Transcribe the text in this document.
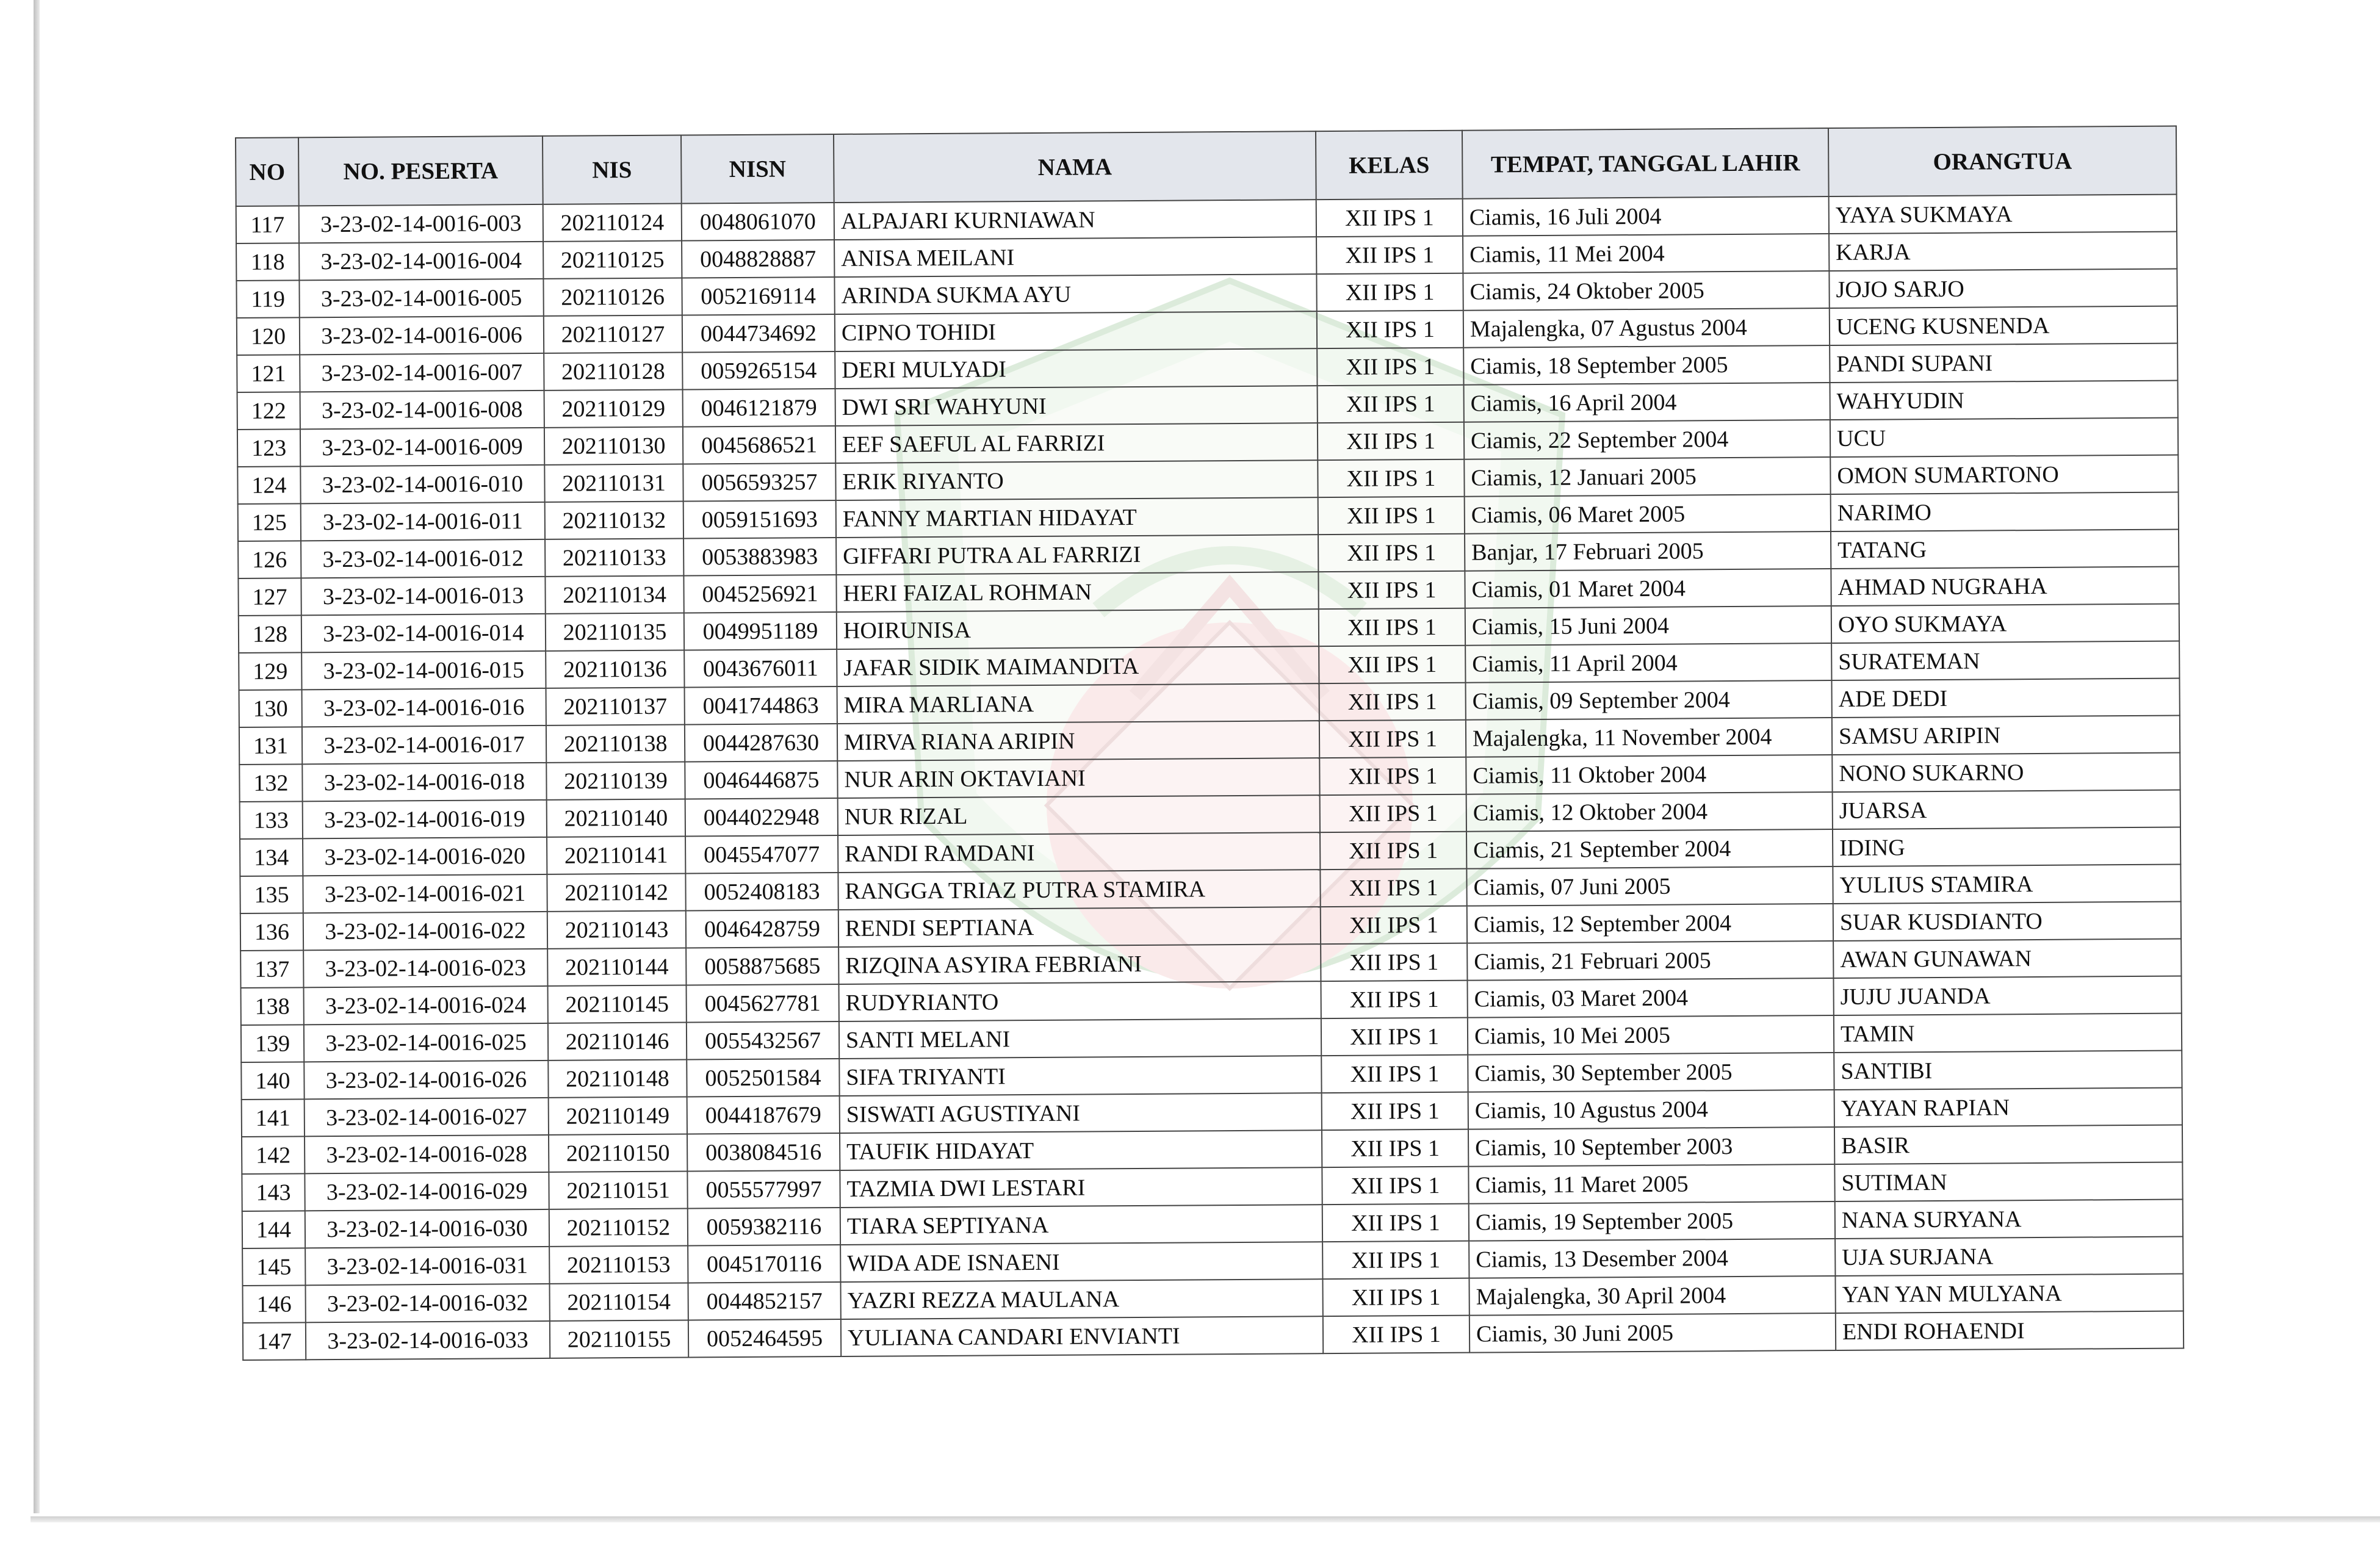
NO	NO. PESERTA	NIS	NISN	NAMA	KELAS	TEMPAT, TANGGAL LAHIR	ORANGTUA
117	3-23-02-14-0016-003	202110124	0048061070	ALPAJARI KURNIAWAN	XII IPS 1	Ciamis, 16 Juli 2004	YAYA SUKMAYA
118	3-23-02-14-0016-004	202110125	0048828887	ANISA MEILANI	XII IPS 1	Ciamis, 11 Mei 2004	KARJA
119	3-23-02-14-0016-005	202110126	0052169114	ARINDA SUKMA AYU	XII IPS 1	Ciamis, 24 Oktober 2005	JOJO SARJO
120	3-23-02-14-0016-006	202110127	0044734692	CIPNO TOHIDI	XII IPS 1	Majalengka, 07 Agustus 2004	UCENG KUSNENDA
121	3-23-02-14-0016-007	202110128	0059265154	DERI MULYADI	XII IPS 1	Ciamis, 18 September 2005	PANDI SUPANI
122	3-23-02-14-0016-008	202110129	0046121879	DWI SRI WAHYUNI	XII IPS 1	Ciamis, 16 April 2004	WAHYUDIN
123	3-23-02-14-0016-009	202110130	0045686521	EEF SAEFUL AL FARRIZI	XII IPS 1	Ciamis, 22 September 2004	UCU
124	3-23-02-14-0016-010	202110131	0056593257	ERIK RIYANTO	XII IPS 1	Ciamis, 12 Januari 2005	OMON SUMARTONO
125	3-23-02-14-0016-011	202110132	0059151693	FANNY MARTIAN HIDAYAT	XII IPS 1	Ciamis, 06 Maret 2005	NARIMO
126	3-23-02-14-0016-012	202110133	0053883983	GIFFARI PUTRA AL FARRIZI	XII IPS 1	Banjar, 17 Februari 2005	TATANG
127	3-23-02-14-0016-013	202110134	0045256921	HERI FAIZAL ROHMAN	XII IPS 1	Ciamis, 01 Maret 2004	AHMAD NUGRAHA
128	3-23-02-14-0016-014	202110135	0049951189	HOIRUNISA	XII IPS 1	Ciamis, 15 Juni 2004	OYO SUKMAYA
129	3-23-02-14-0016-015	202110136	0043676011	JAFAR SIDIK MAIMANDITA	XII IPS 1	Ciamis, 11 April 2004	SURATEMAN
130	3-23-02-14-0016-016	202110137	0041744863	MIRA MARLIANA	XII IPS 1	Ciamis, 09 September 2004	ADE DEDI
131	3-23-02-14-0016-017	202110138	0044287630	MIRVA RIANA ARIPIN	XII IPS 1	Majalengka, 11 November 2004	SAMSU ARIPIN
132	3-23-02-14-0016-018	202110139	0046446875	NUR ARIN OKTAVIANI	XII IPS 1	Ciamis, 11 Oktober 2004	NONO SUKARNO
133	3-23-02-14-0016-019	202110140	0044022948	NUR RIZAL	XII IPS 1	Ciamis, 12 Oktober 2004	JUARSA
134	3-23-02-14-0016-020	202110141	0045547077	RANDI RAMDANI	XII IPS 1	Ciamis, 21 September 2004	IDING
135	3-23-02-14-0016-021	202110142	0052408183	RANGGA TRIAZ PUTRA STAMIRA	XII IPS 1	Ciamis, 07 Juni 2005	YULIUS STAMIRA
136	3-23-02-14-0016-022	202110143	0046428759	RENDI SEPTIANA	XII IPS 1	Ciamis, 12 September 2004	SUAR KUSDIANTO
137	3-23-02-14-0016-023	202110144	0058875685	RIZQINA ASYIRA FEBRIANI	XII IPS 1	Ciamis, 21 Februari 2005	AWAN GUNAWAN
138	3-23-02-14-0016-024	202110145	0045627781	RUDYRIANTO	XII IPS 1	Ciamis, 03 Maret 2004	JUJU JUANDA
139	3-23-02-14-0016-025	202110146	0055432567	SANTI MELANI	XII IPS 1	Ciamis, 10 Mei 2005	TAMIN
140	3-23-02-14-0016-026	202110148	0052501584	SIFA TRIYANTI	XII IPS 1	Ciamis, 30 September 2005	SANTIBI
141	3-23-02-14-0016-027	202110149	0044187679	SISWATI AGUSTIYANI	XII IPS 1	Ciamis, 10 Agustus 2004	YAYAN RAPIAN
142	3-23-02-14-0016-028	202110150	0038084516	TAUFIK HIDAYAT	XII IPS 1	Ciamis, 10 September 2003	BASIR
143	3-23-02-14-0016-029	202110151	0055577997	TAZMIA DWI LESTARI	XII IPS 1	Ciamis, 11 Maret 2005	SUTIMAN
144	3-23-02-14-0016-030	202110152	0059382116	TIARA SEPTIYANA	XII IPS 1	Ciamis, 19 September 2005	NANA SURYANA
145	3-23-02-14-0016-031	202110153	0045170116	WIDA ADE ISNAENI	XII IPS 1	Ciamis, 13 Desember 2004	UJA SURJANA
146	3-23-02-14-0016-032	202110154	0044852157	YAZRI REZZA MAULANA	XII IPS 1	Majalengka, 30 April 2004	YAN YAN MULYANA
147	3-23-02-14-0016-033	202110155	0052464595	YULIANA CANDARI ENVIANTI	XII IPS 1	Ciamis, 30 Juni 2005	ENDI ROHAENDI
